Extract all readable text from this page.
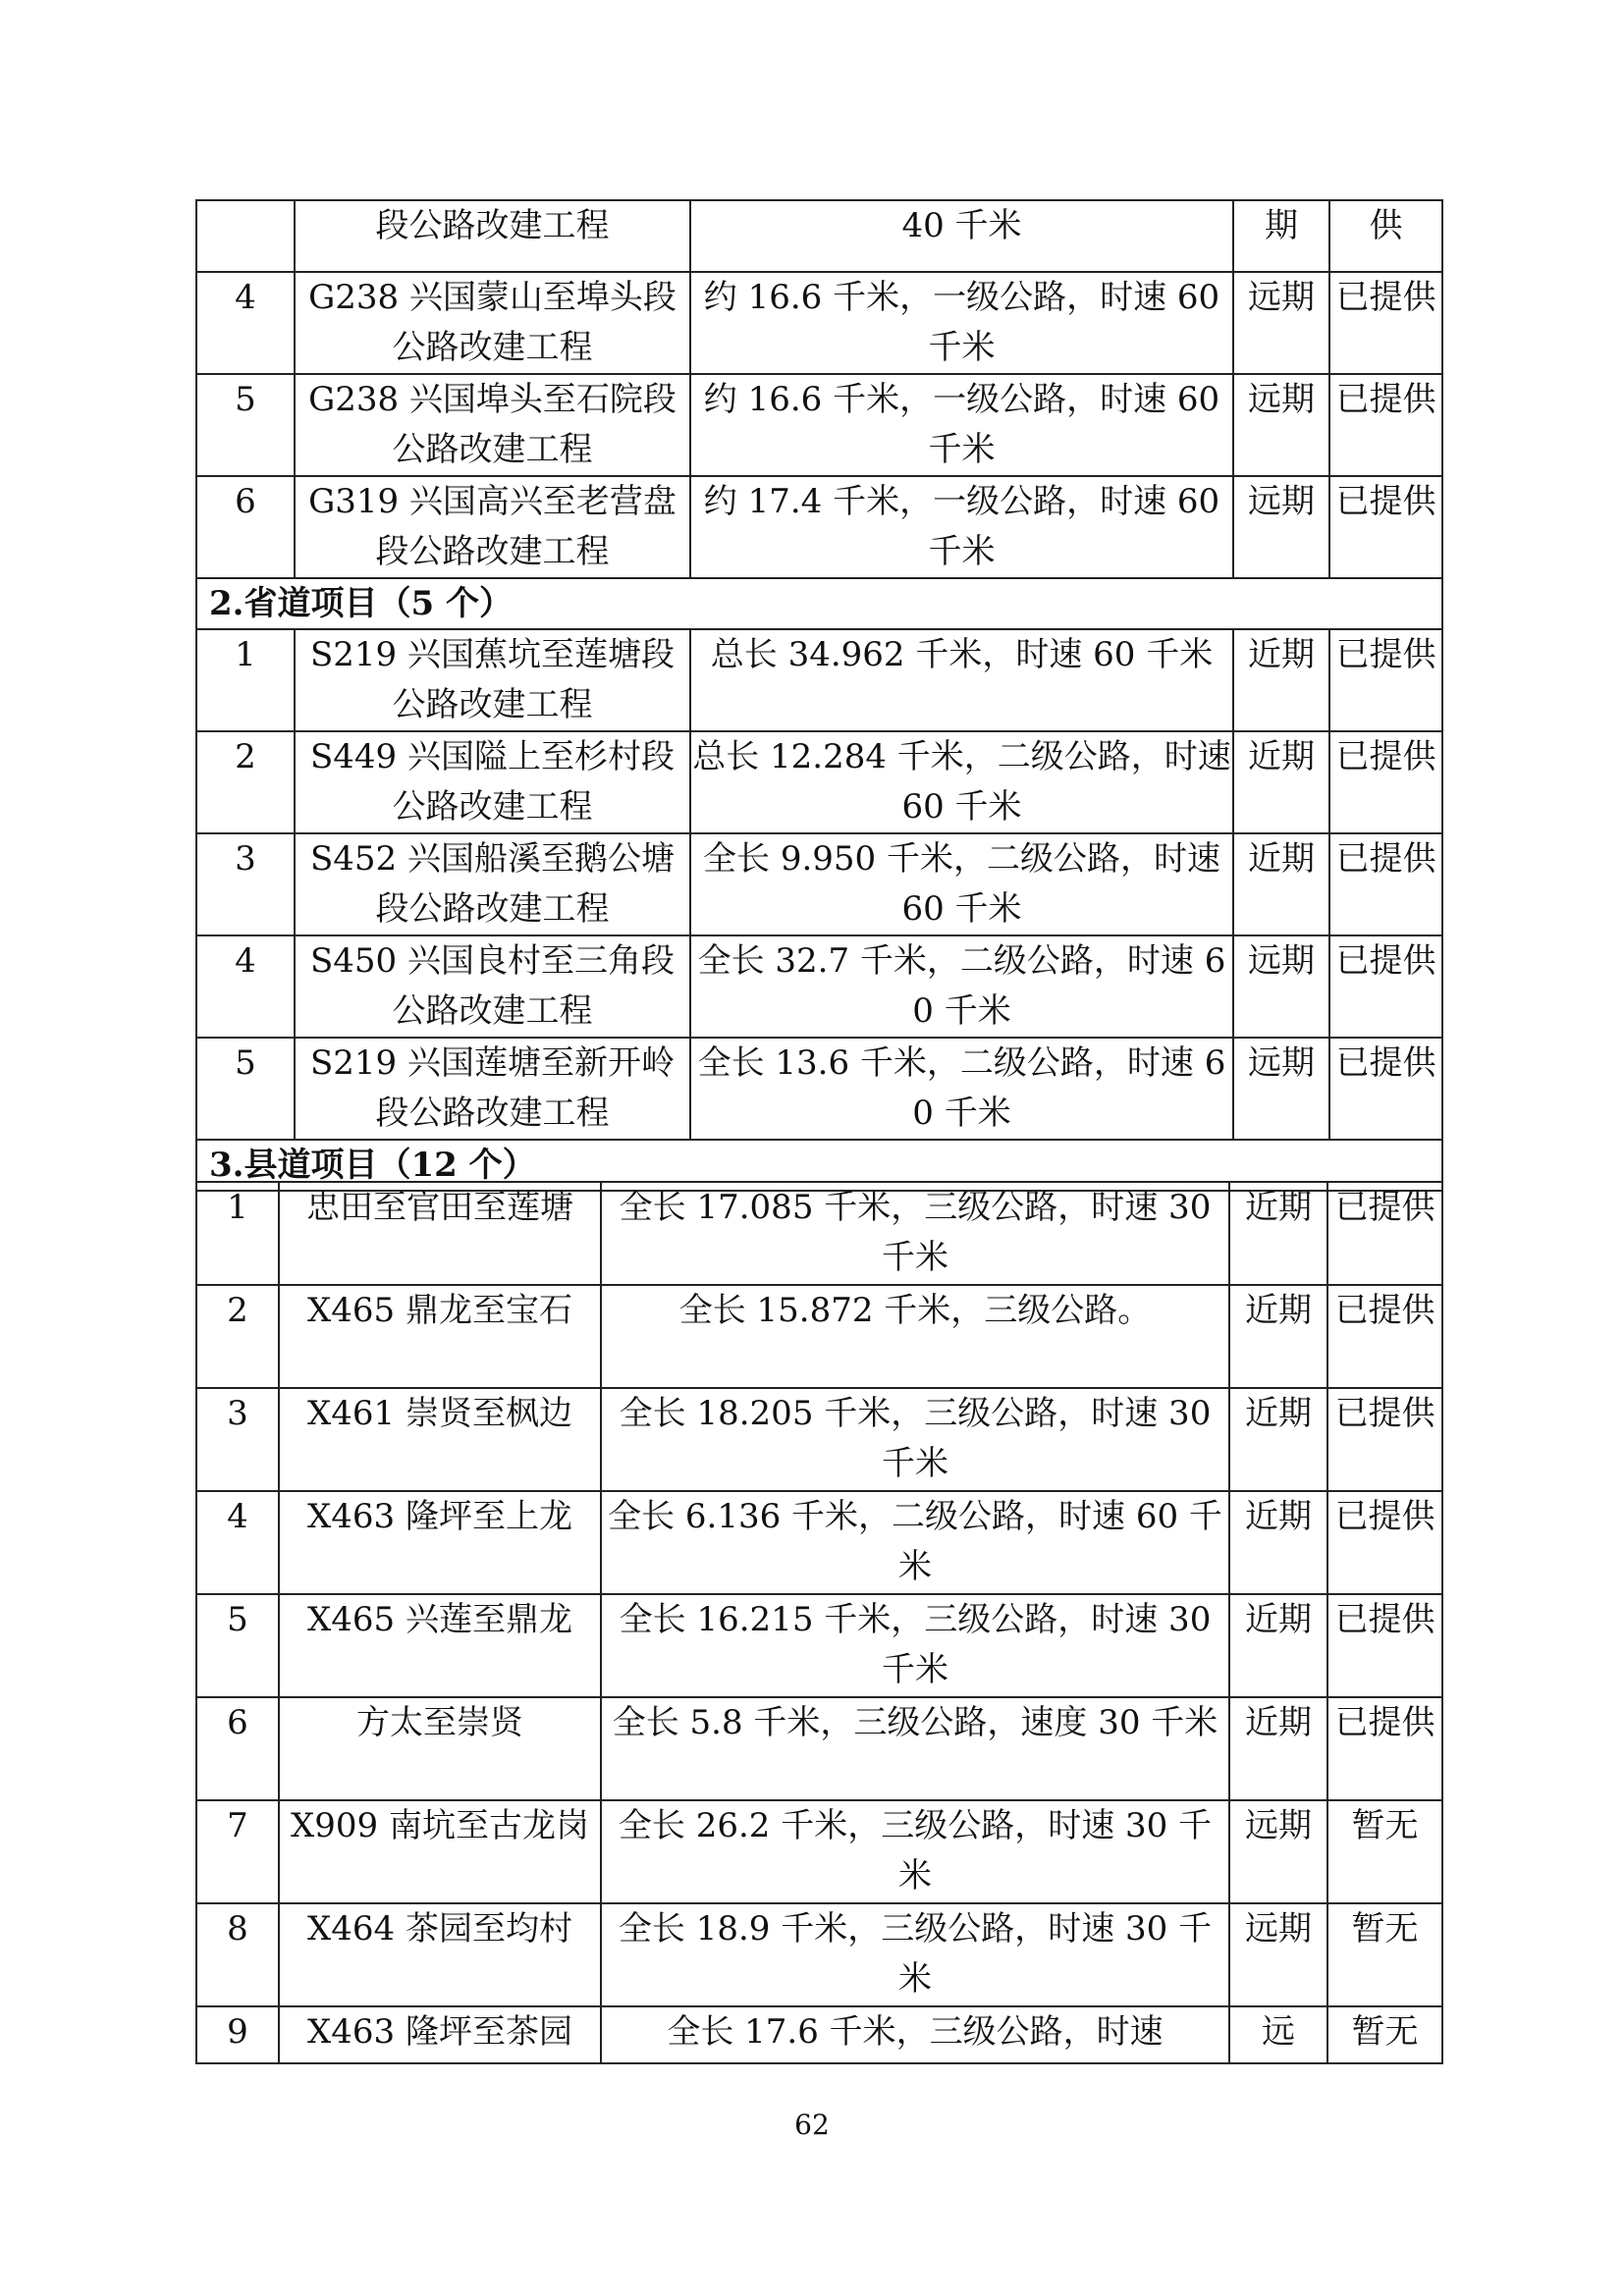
	段公路改建工程	40 千米	期	供
4	G238 兴国蒙山至埠头段公路改建工程	约 16.6 千米，一级公路，时速 60 千米	远期	已提供
5	G238 兴国埠头至石院段公路改建工程	约 16.6 千米，一级公路，时速 60 千米	远期	已提供
6	G319 兴国高兴至老营盘段公路改建工程	约 17.4 千米，一级公路，时速 60 千米	远期	已提供
2.省道项目（5 个）				
1	S219 兴国蕉坑至莲塘段公路改建工程	总长 34.962 千米，时速 60 千米	近期	已提供
2	S449 兴国隘上至杉村段公路改建工程	总长 12.284 千米，二级公路，时速 60 千米	近期	已提供
3	S452 兴国船溪至鹅公塘段公路改建工程	全长 9.950 千米，二级公路，时速 60 千米	近期	已提供
4	S450 兴国良村至三角段公路改建工程	全长 32.7 千米，二级公路，时速 60 千米	远期	已提供
5	S219 兴国莲塘至新开岭段公路改建工程	全长 13.6 千米，二级公路，时速 60 千米	远期	已提供
3.县道项目（12 个）				
1	忠田至官田至莲塘	全长 17.085 千米，三级公路，时速 30 千米	近期	已提供
2	X465 鼎龙至宝石	全长 15.872 千米，三级公路。	近期	已提供
3	X461 崇贤至枫边	全长 18.205 千米，三级公路，时速 30 千米	近期	已提供
4	X463 隆坪至上龙	全长 6.136 千米，二级公路，时速 60 千米	近期	已提供
5	X465 兴莲至鼎龙	全长 16.215 千米，三级公路，时速 30 千米	近期	已提供
6	方太至崇贤	全长 5.8 千米，三级公路，速度 30 千米	近期	已提供
7	X909 南坑至古龙岗	全长 26.2 千米，三级公路，时速 30 千米	远期	暂无
8	X464 茶园至均村	全长 18.9 千米，三级公路，时速 30 千米	远期	暂无
9	X463 隆坪至茶园	全长 17.6 千米，三级公路，时速	远	暂无
62
